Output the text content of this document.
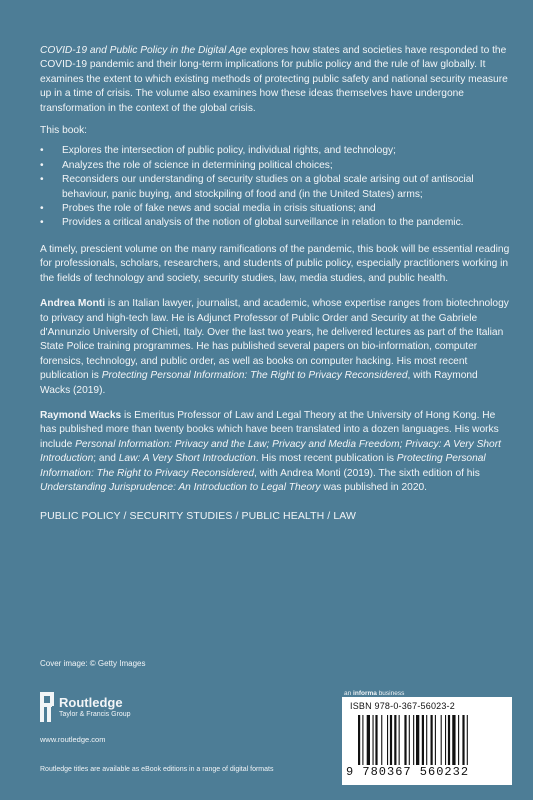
COVID-19 and Public Policy in the Digital Age explores how states and societies have responded to the COVID-19 pandemic and their long-term implications for public policy and the rule of law globally. It examines the extent to which existing methods of protecting public safety and national security measure up in a time of crisis. The volume also examines how these ideas themselves have undergone transformation in the context of the global crisis.

This book:

• Explores the intersection of public policy, individual rights, and technology;
• Analyzes the role of science in determining political choices;
• Reconsiders our understanding of security studies on a global scale arising out of antisocial behaviour, panic buying, and stockpiling of food and (in the United States) arms;
• Probes the role of fake news and social media in crisis situations; and
• Provides a critical analysis of the notion of global surveillance in relation to the pandemic.

A timely, prescient volume on the many ramifications of the pandemic, this book will be essential reading for professionals, scholars, researchers, and students of public policy, especially practitioners working in the fields of technology and society, security studies, law, media studies, and public health.

Andrea Monti is an Italian lawyer, journalist, and academic, whose expertise ranges from biotechnology to privacy and high-tech law. He is Adjunct Professor of Public Order and Security at the Gabriele d'Annunzio University of Chieti, Italy. Over the last two years, he delivered lectures as part of the Italian State Police training programmes. He has published several papers on bio-information, computer forensics, technology, and public order, as well as books on computer hacking. His most recent publication is Protecting Personal Information: The Right to Privacy Reconsidered, with Raymond Wacks (2019).

Raymond Wacks is Emeritus Professor of Law and Legal Theory at the University of Hong Kong. He has published more than twenty books which have been translated into a dozen languages. His works include Personal Information: Privacy and the Law; Privacy and Media Freedom; Privacy: A Very Short Introduction; and Law: A Very Short Introduction. His most recent publication is Protecting Personal Information: The Right to Privacy Reconsidered, with Andrea Monti (2019). The sixth edition of his Understanding Jurisprudence: An Introduction to Legal Theory was published in 2020.

PUBLIC POLICY / SECURITY STUDIES / PUBLIC HEALTH / LAW

Cover image: © Getty Images
Routledge
Taylor & Francis Group
www.routledge.com
Routledge titles are available as eBook editions in a range of digital formats
an informa business
ISBN 978-0-367-56023-2
9 780367 560232
